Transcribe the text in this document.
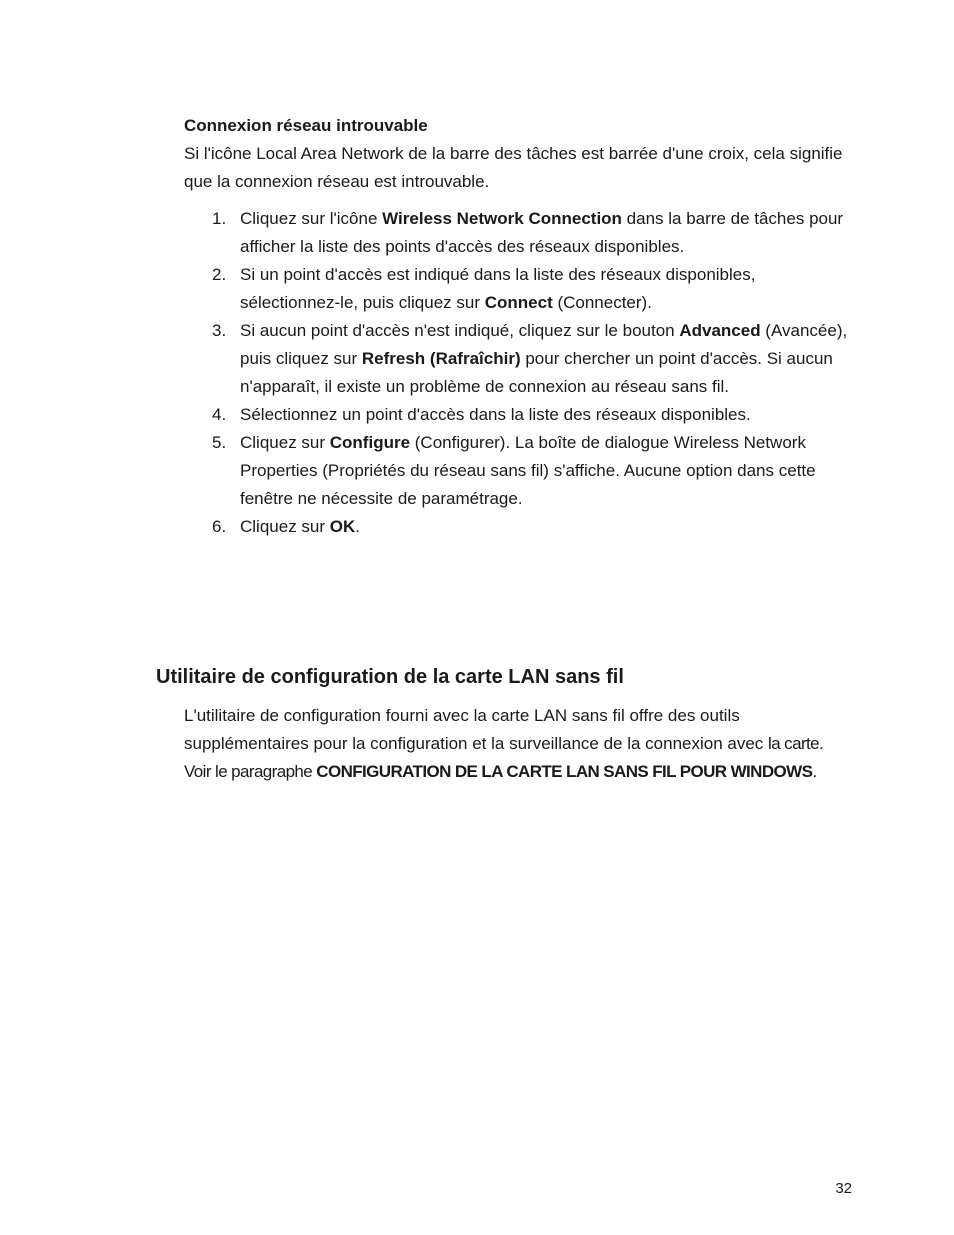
Connexion réseau introuvable

Si l'icône Local Area Network de la barre des tâches est barrée d'une croix, cela signifie que la connexion réseau est introuvable.

1. Cliquez sur l'icône Wireless Network Connection dans la barre de tâches pour afficher la liste des points d'accès des réseaux disponibles.
2. Si un point d'accès est indiqué dans la liste des réseaux disponibles, sélectionnez-le, puis cliquez sur Connect (Connecter).
3. Si aucun point d'accès n'est indiqué, cliquez sur le bouton Advanced (Avancée), puis cliquez sur Refresh (Rafraîchir) pour chercher un point d'accès. Si aucun n'apparaît, il existe un problème de connexion au réseau sans fil.
4. Sélectionnez un point d'accès dans la liste des réseaux disponibles.
5. Cliquez sur Configure (Configurer). La boîte de dialogue Wireless Network Properties (Propriétés du réseau sans fil) s'affiche. Aucune option dans cette fenêtre ne nécessite de paramétrage.
6. Cliquez sur OK.
Utilitaire de configuration de la carte LAN sans fil

L'utilitaire de configuration fourni avec la carte LAN sans fil offre des outils supplémentaires pour la configuration et la surveillance de la connexion avec la carte. Voir le paragraphe CONFIGURATION DE LA CARTE LAN SANS FIL POUR WINDOWS.

32
